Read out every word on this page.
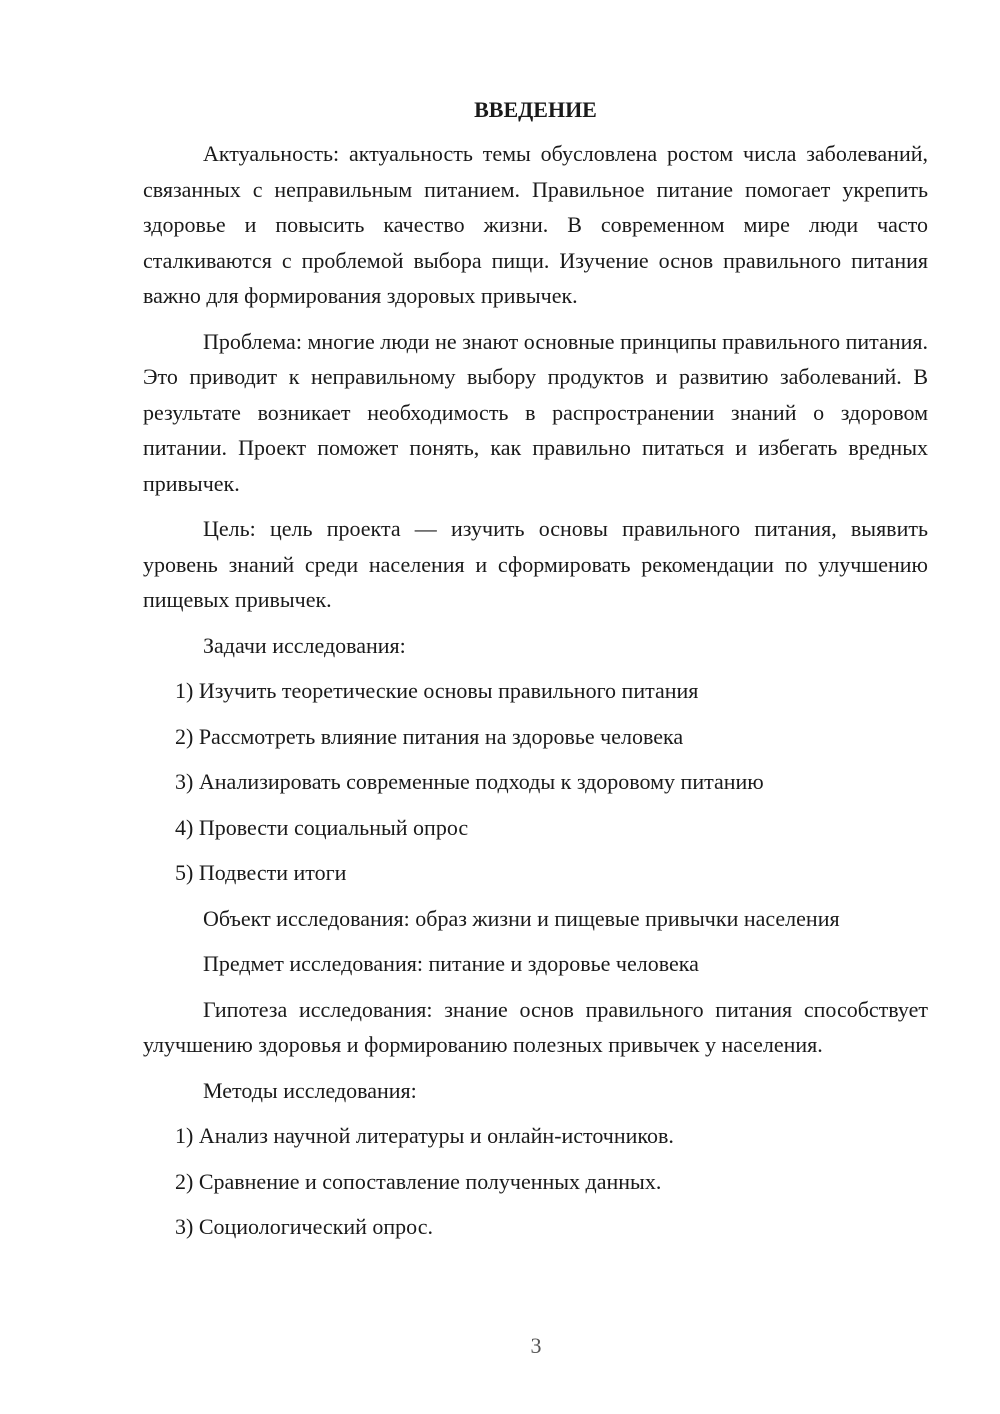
ВВЕДЕНИЕ

Актуальность: актуальность темы обусловлена ростом числа заболеваний, связанных с неправильным питанием. Правильное питание помогает укрепить здоровье и повысить качество жизни. В современном мире люди часто сталкиваются с проблемой выбора пищи. Изучение основ правильного питания важно для формирования здоровых привычек.

Проблема: многие люди не знают основные принципы правильного питания. Это приводит к неправильному выбору продуктов и развитию заболеваний. В результате возникает необходимость в распространении знаний о здоровом питании. Проект поможет понять, как правильно питаться и избегать вредных привычек.

Цель: цель проекта — изучить основы правильного питания, выявить уровень знаний среди населения и сформировать рекомендации по улучшению пищевых привычек.

Задачи исследования:
1) Изучить теоретические основы правильного питания
2) Рассмотреть влияние питания на здоровье человека
3) Анализировать современные подходы к здоровому питанию
4) Провести социальный опрос
5) Подвести итоги
Объект исследования: образ жизни и пищевые привычки населения
Предмет исследования: питание и здоровье человека

Гипотеза исследования: знание основ правильного питания способствует улучшению здоровья и формированию полезных привычек у населения.

Методы исследования:
1) Анализ научной литературы и онлайн-источников.
2) Сравнение и сопоставление полученных данных.
3) Социологический опрос.
3
